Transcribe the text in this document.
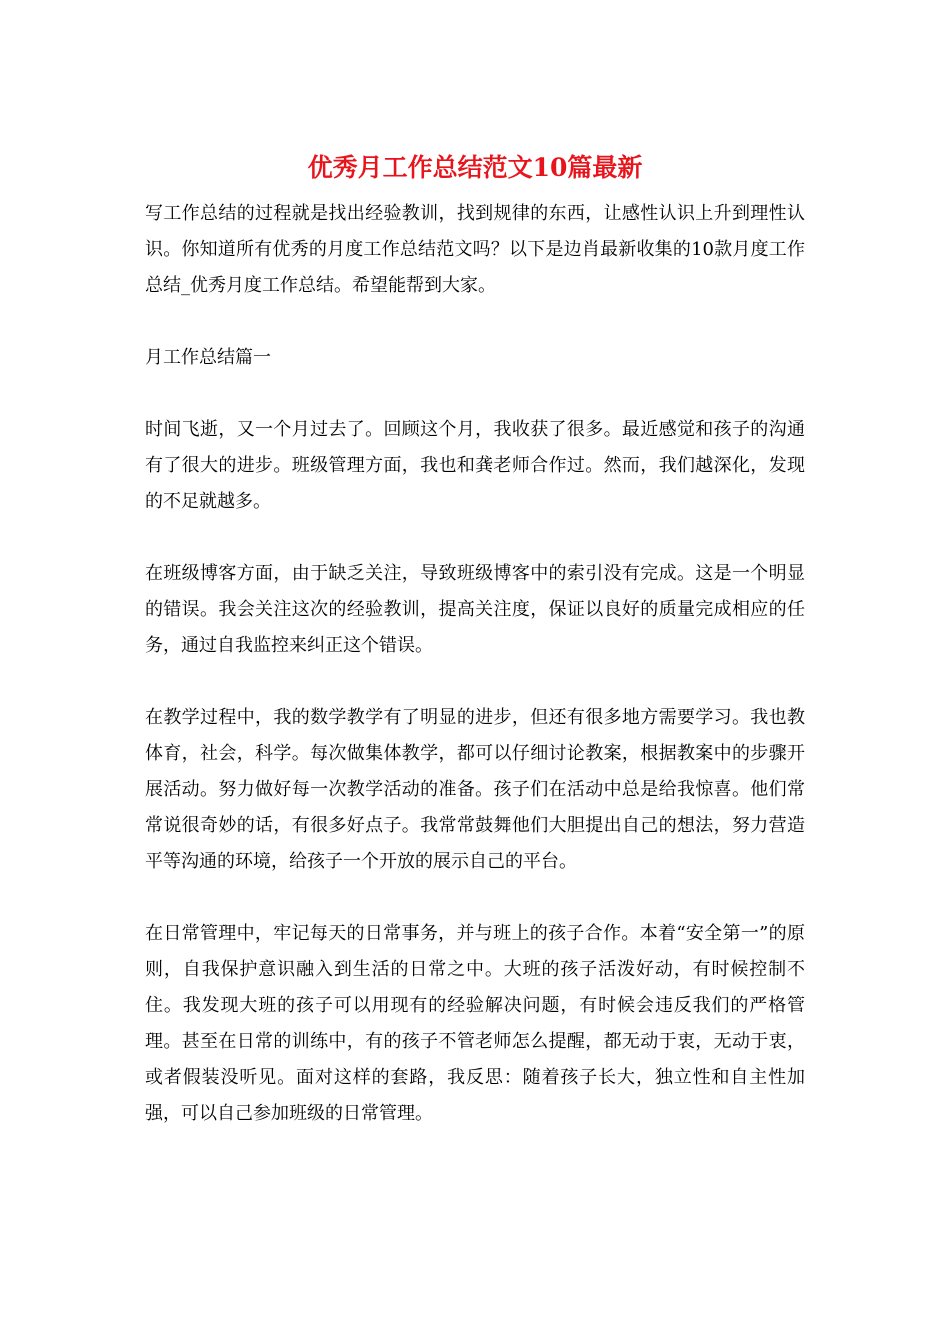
优秀月工作总结范文10篇最新

写工作总结的过程就是找出经验教训，找到规律的东西，让感性认识上升到理性认识。你知道所有优秀的月度工作总结范文吗？以下是边肖最新收集的10款月度工作总结_优秀月度工作总结。希望能帮到大家。

月工作总结篇一

时间飞逝，又一个月过去了。回顾这个月，我收获了很多。最近感觉和孩子的沟通有了很大的进步。班级管理方面，我也和龚老师合作过。然而，我们越深化，发现的不足就越多。

在班级博客方面，由于缺乏关注，导致班级博客中的索引没有完成。这是一个明显的错误。我会关注这次的经验教训，提高关注度，保证以良好的质量完成相应的任务，通过自我监控来纠正这个错误。

在教学过程中，我的数学教学有了明显的进步，但还有很多地方需要学习。我也教体育，社会，科学。每次做集体教学，都可以仔细讨论教案，根据教案中的步骤开展活动。努力做好每一次教学活动的准备。孩子们在活动中总是给我惊喜。他们常常说很奇妙的话，有很多好点子。我常常鼓舞他们大胆提出自己的想法，努力营造平等沟通的环境，给孩子一个开放的展示自己的平台。

在日常管理中，牢记每天的日常事务，并与班上的孩子合作。本着“安全第一”的原则，自我保护意识融入到生活的日常之中。大班的孩子活泼好动，有时候控制不住。我发现大班的孩子可以用现有的经验解决问题，有时候会违反我们的严格管理。甚至在日常的训练中，有的孩子不管老师怎么提醒，都无动于衷，无动于衷，或者假装没听见。面对这样的套路，我反思：随着孩子长大，独立性和自主性加强，可以自己参加班级的日常管理。
